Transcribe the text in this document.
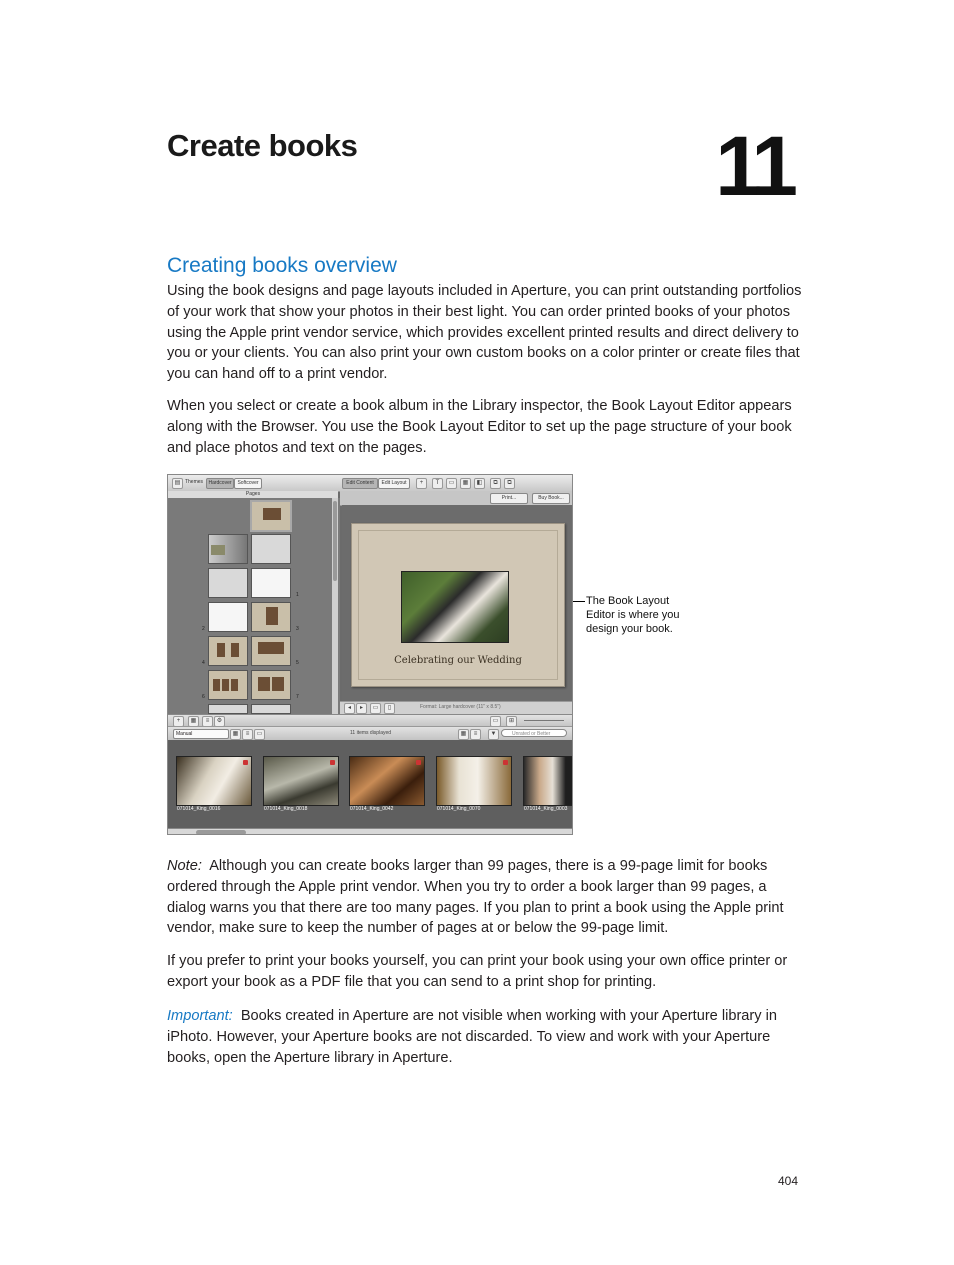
Create books	11
Creating books overview

Using the book designs and page layouts included in Aperture, you can print outstanding portfolios of your work that show your photos in their best light. You can order printed books of your photos using the Apple print vendor service, which provides excellent printed results and direct delivery to you or your clients. You can also print your own custom books on a color printer or create files that you can hand off to a print vendor.

When you select or create a book album in the Library inspector, the Book Layout Editor appears along with the Browser. You use the Book Layout Editor to set up the page structure of your book and place photos and text on the pages.

▤ Themes	Hardcover	Softcover	Edit Content	Edit Layout	+	T	▭	▦	◧	⧉	⧉
Pages
1
2	3
4	5
6	7
Print...	Buy Book...
Celebrating our Wedding
◂	▸	▭	▯	Format: Large hardcover (11" x 8.5")
+	▦	≡	⚙	▭	⊞
Manual	▦	≡	▭	11 items displayed	▦	≡	▼	Unrated or Better
071014_King_0016	071014_King_0018	071014_King_0042	071014_King_0070	071014_King_0003
The Book Layout Editor is where you design your book.

Note: Although you can create books larger than 99 pages, there is a 99-page limit for books ordered through the Apple print vendor. When you try to order a book larger than 99 pages, a dialog warns you that there are too many pages. If you plan to print a book using the Apple print vendor, make sure to keep the number of pages at or below the 99-page limit.

If you prefer to print your books yourself, you can print your book using your own office printer or export your book as a PDF file that you can send to a print shop for printing.

Important: Books created in Aperture are not visible when working with your Aperture library in iPhoto. However, your Aperture books are not discarded. To view and work with your Aperture books, open the Aperture library in Aperture.

404
